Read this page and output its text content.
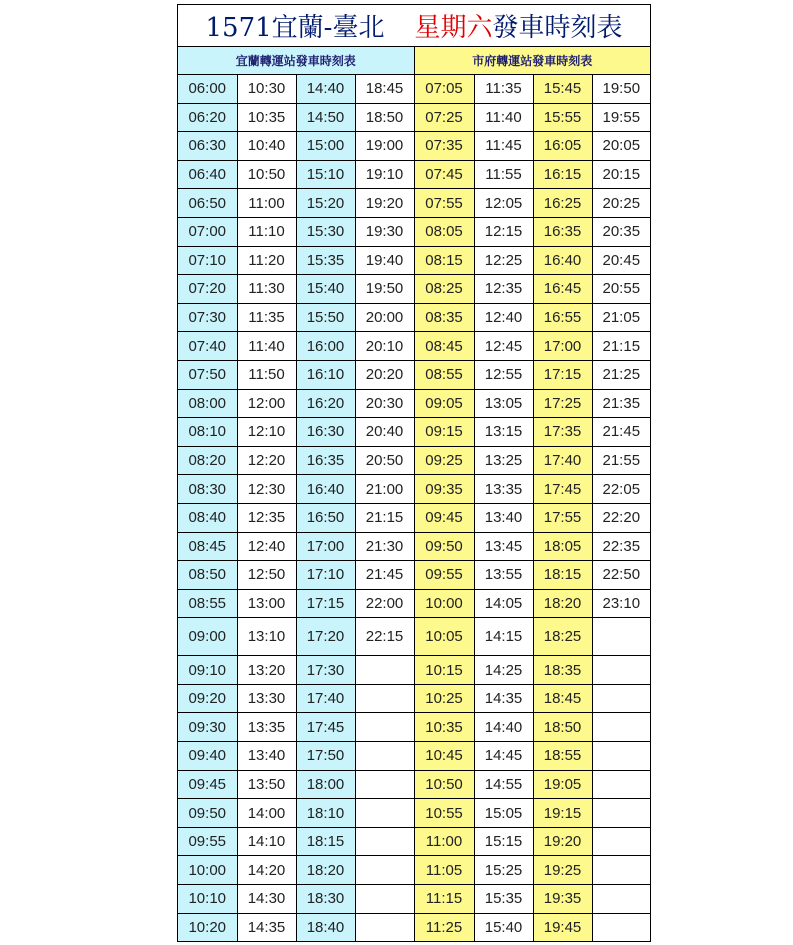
1571宜蘭-臺北 星期六 發車時刻表
宜蘭轉運站發車時刻表				市府轉運站發車時刻表			
06:00	10:30	14:40	18:45	07:05	11:35	15:45	19:50
06:20	10:35	14:50	18:50	07:25	11:40	15:55	19:55
06:30	10:40	15:00	19:00	07:35	11:45	16:05	20:05
06:40	10:50	15:10	19:10	07:45	11:55	16:15	20:15
06:50	11:00	15:20	19:20	07:55	12:05	16:25	20:25
07:00	11:10	15:30	19:30	08:05	12:15	16:35	20:35
07:10	11:20	15:35	19:40	08:15	12:25	16:40	20:45
07:20	11:30	15:40	19:50	08:25	12:35	16:45	20:55
07:30	11:35	15:50	20:00	08:35	12:40	16:55	21:05
07:40	11:40	16:00	20:10	08:45	12:45	17:00	21:15
07:50	11:50	16:10	20:20	08:55	12:55	17:15	21:25
08:00	12:00	16:20	20:30	09:05	13:05	17:25	21:35
08:10	12:10	16:30	20:40	09:15	13:15	17:35	21:45
08:20	12:20	16:35	20:50	09:25	13:25	17:40	21:55
08:30	12:30	16:40	21:00	09:35	13:35	17:45	22:05
08:40	12:35	16:50	21:15	09:45	13:40	17:55	22:20
08:45	12:40	17:00	21:30	09:50	13:45	18:05	22:35
08:50	12:50	17:10	21:45	09:55	13:55	18:15	22:50
08:55	13:00	17:15	22:00	10:00	14:05	18:20	23:10
09:00	13:10	17:20	22:15	10:05	14:15	18:25	
09:10	13:20	17:30		10:15	14:25	18:35	
09:20	13:30	17:40		10:25	14:35	18:45	
09:30	13:35	17:45		10:35	14:40	18:50	
09:40	13:40	17:50		10:45	14:45	18:55	
09:45	13:50	18:00		10:50	14:55	19:05	
09:50	14:00	18:10		10:55	15:05	19:15	
09:55	14:10	18:15		11:00	15:15	19:20	
10:00	14:20	18:20		11:05	15:25	19:25	
10:10	14:30	18:30		11:15	15:35	19:35	
10:20	14:35	18:40		11:25	15:40	19:45	
